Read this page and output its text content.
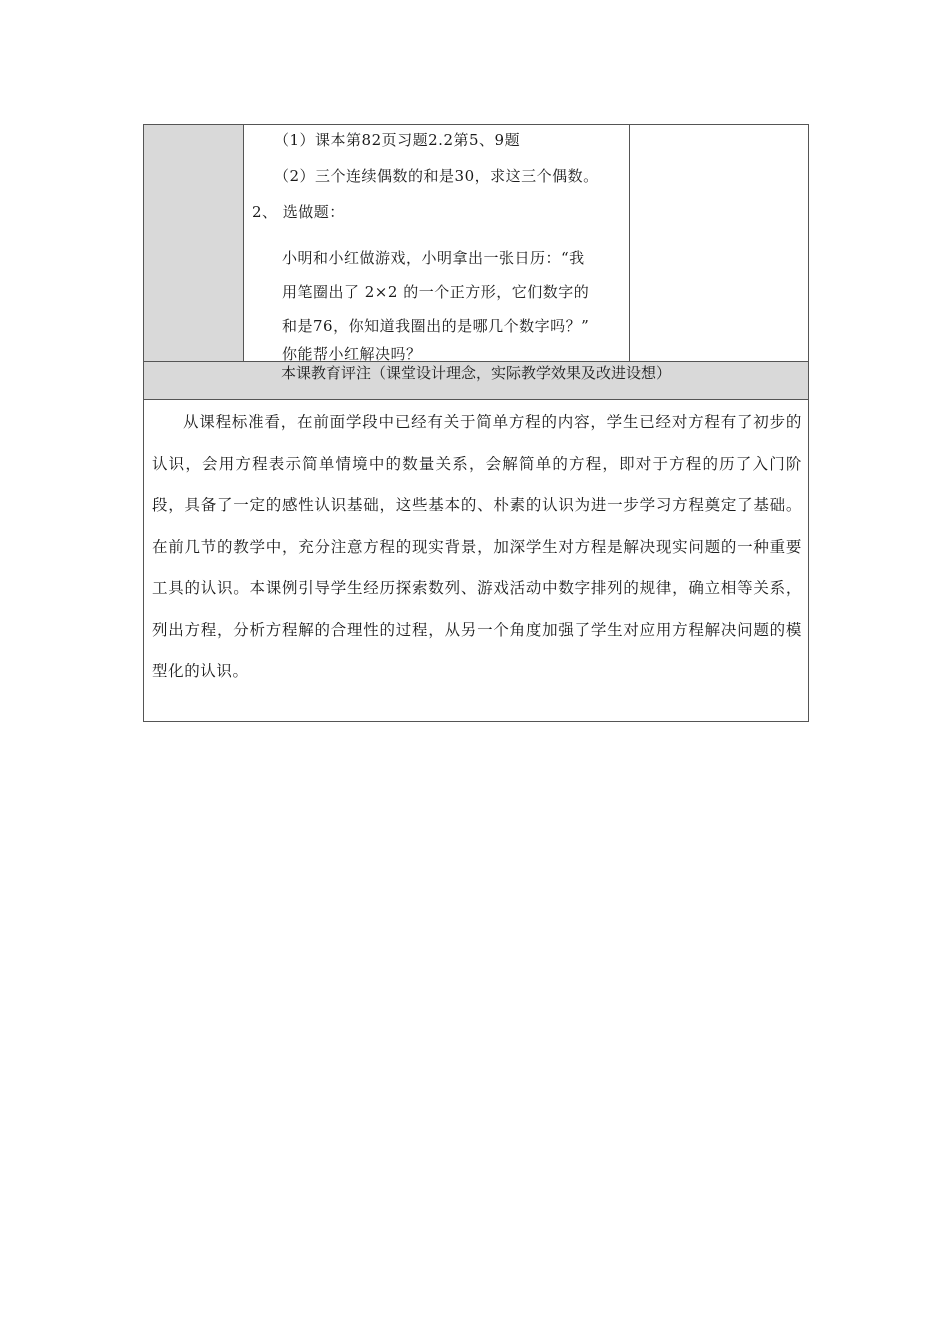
（1）课本第82页习题2.2第5、9题
（2）三个连续偶数的和是30，求这三个偶数。
2、 选做题：
小明和小红做游戏，小明拿出一张日历：“我
用笔圈出了 2×2 的一个正方形，它们数字的
和是76，你知道我圈出的是哪几个数字吗？”
你能帮小红解决吗？

本课教育评注（课堂设计理念，实际教学效果及改进设想）

从课程标准看，在前面学段中已经有关于简单方程的内容，学生已经对方程有了初步的认识，会用方程表示简单情境中的数量关系，会解简单的方程，即对于方程的历了入门阶段，具备了一定的感性认识基础，这些基本的、朴素的认识为进一步学习方程奠定了基础。在前几节的教学中，充分注意方程的现实背景，加深学生对方程是解决现实问题的一种重要工具的认识。本课例引导学生经历探索数列、游戏活动中数字排列的规律，确立相等关系，列出方程，分析方程解的合理性的过程，从另一个角度加强了学生对应用方程解决问题的模型化的认识。
